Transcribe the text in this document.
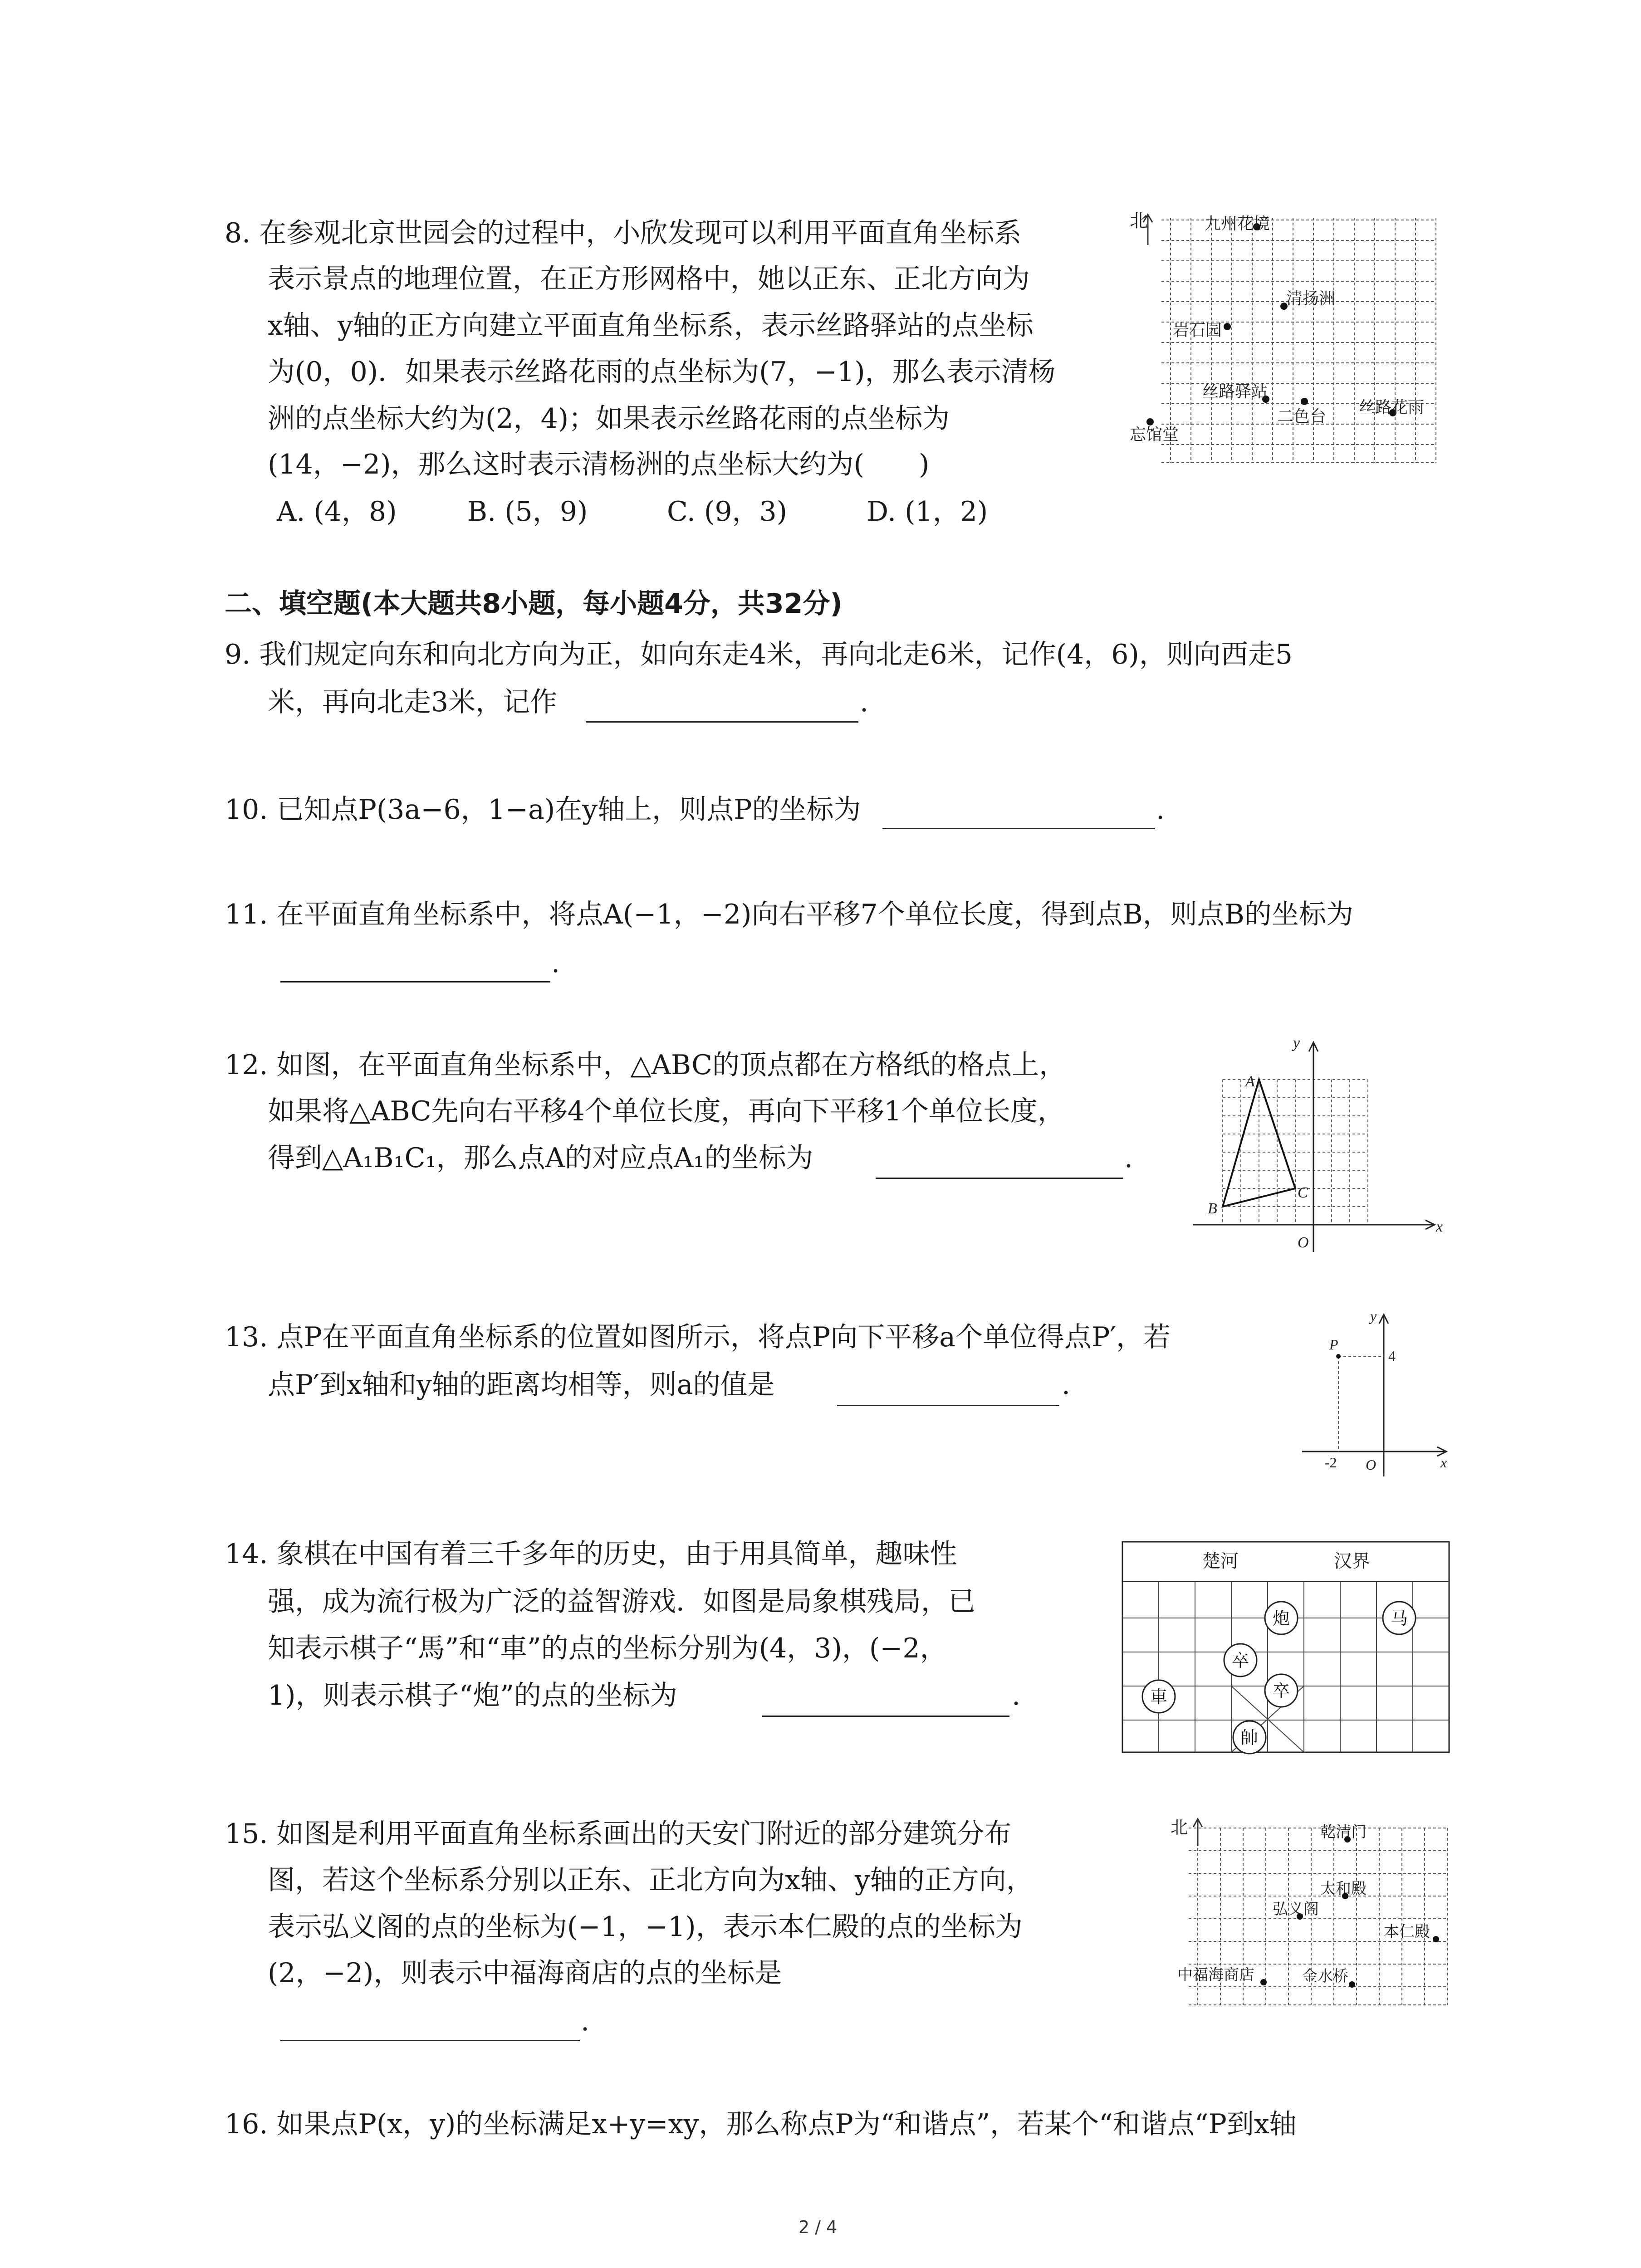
8. 在参观北京世园会的过程中，小欣发现可以利用平面直角坐标系
表示景点的地理位置，在正方形网格中，她以正东、正北方向为
x轴、y轴的正方向建立平面直角坐标系，表示丝路驿站的点坐标
为(0，0)．如果表示丝路花雨的点坐标为(7，−1)，那么表示清杨
洲的点坐标大约为(2，4)；如果表示丝路花雨的点坐标为
(14，−2)，那么这时表示清杨洲的点坐标大约为(　　)
A. (4，8)	B. (5，9)	C. (9，3)	D. (1，2)
北	九州花境
清扬洲
岩石园
丝路驿站
二色台 丝路花雨
忘馆堂
二、填空题(本大题共8小题，每小题4分，共32分)
9. 我们规定向东和向北方向为正，如向东走4米，再向北走6米，记作(4，6)，则向西走5
米，再向北走3米，记作	.
10. 已知点P(3a−6，1−a)在y轴上，则点P的坐标为	.
11. 在平面直角坐标系中，将点A(−1，−2)向右平移7个单位长度，得到点B，则点B的坐标为
.
12. 如图，在平面直角坐标系中，△ABC的顶点都在方格纸的格点上，
如果将△ABC先向右平移4个单位长度，再向下平移1个单位长度，
得到△A₁B₁C₁，那么点A的对应点A₁的坐标为	.
y
x
O
A
B
C
13. 点P在平面直角坐标系的位置如图所示，将点P向下平移a个单位得点P′，若
点P′到x轴和y轴的距离均相等，则a的值是	.
y
x
O
P
4
-2
14. 象棋在中国有着三千多年的历史，由于用具简单，趣味性
强，成为流行极为广泛的益智游戏．如图是局象棋残局，已
知表示棋子“馬”和“車”的点的坐标分别为(4，3)，(−2，
1)，则表示棋子“炮”的点的坐标为	.
楚河	汉界
炮	马
卒
卒
車
帥
15. 如图是利用平面直角坐标系画出的天安门附近的部分建筑分布
图，若这个坐标系分别以正东、正北方向为x轴、y轴的正方向，
表示弘义阁的点的坐标为(−1，−1)，表示本仁殿的点的坐标为
(2，−2)，则表示中福海商店的点的坐标是
.
北	乾清门
太和殿
弘义阁
本仁殿
中福海商店	金水桥
16. 如果点P(x，y)的坐标满足x+y=xy，那么称点P为“和谐点”，若某个“和谐点“P到x轴
2 / 4
